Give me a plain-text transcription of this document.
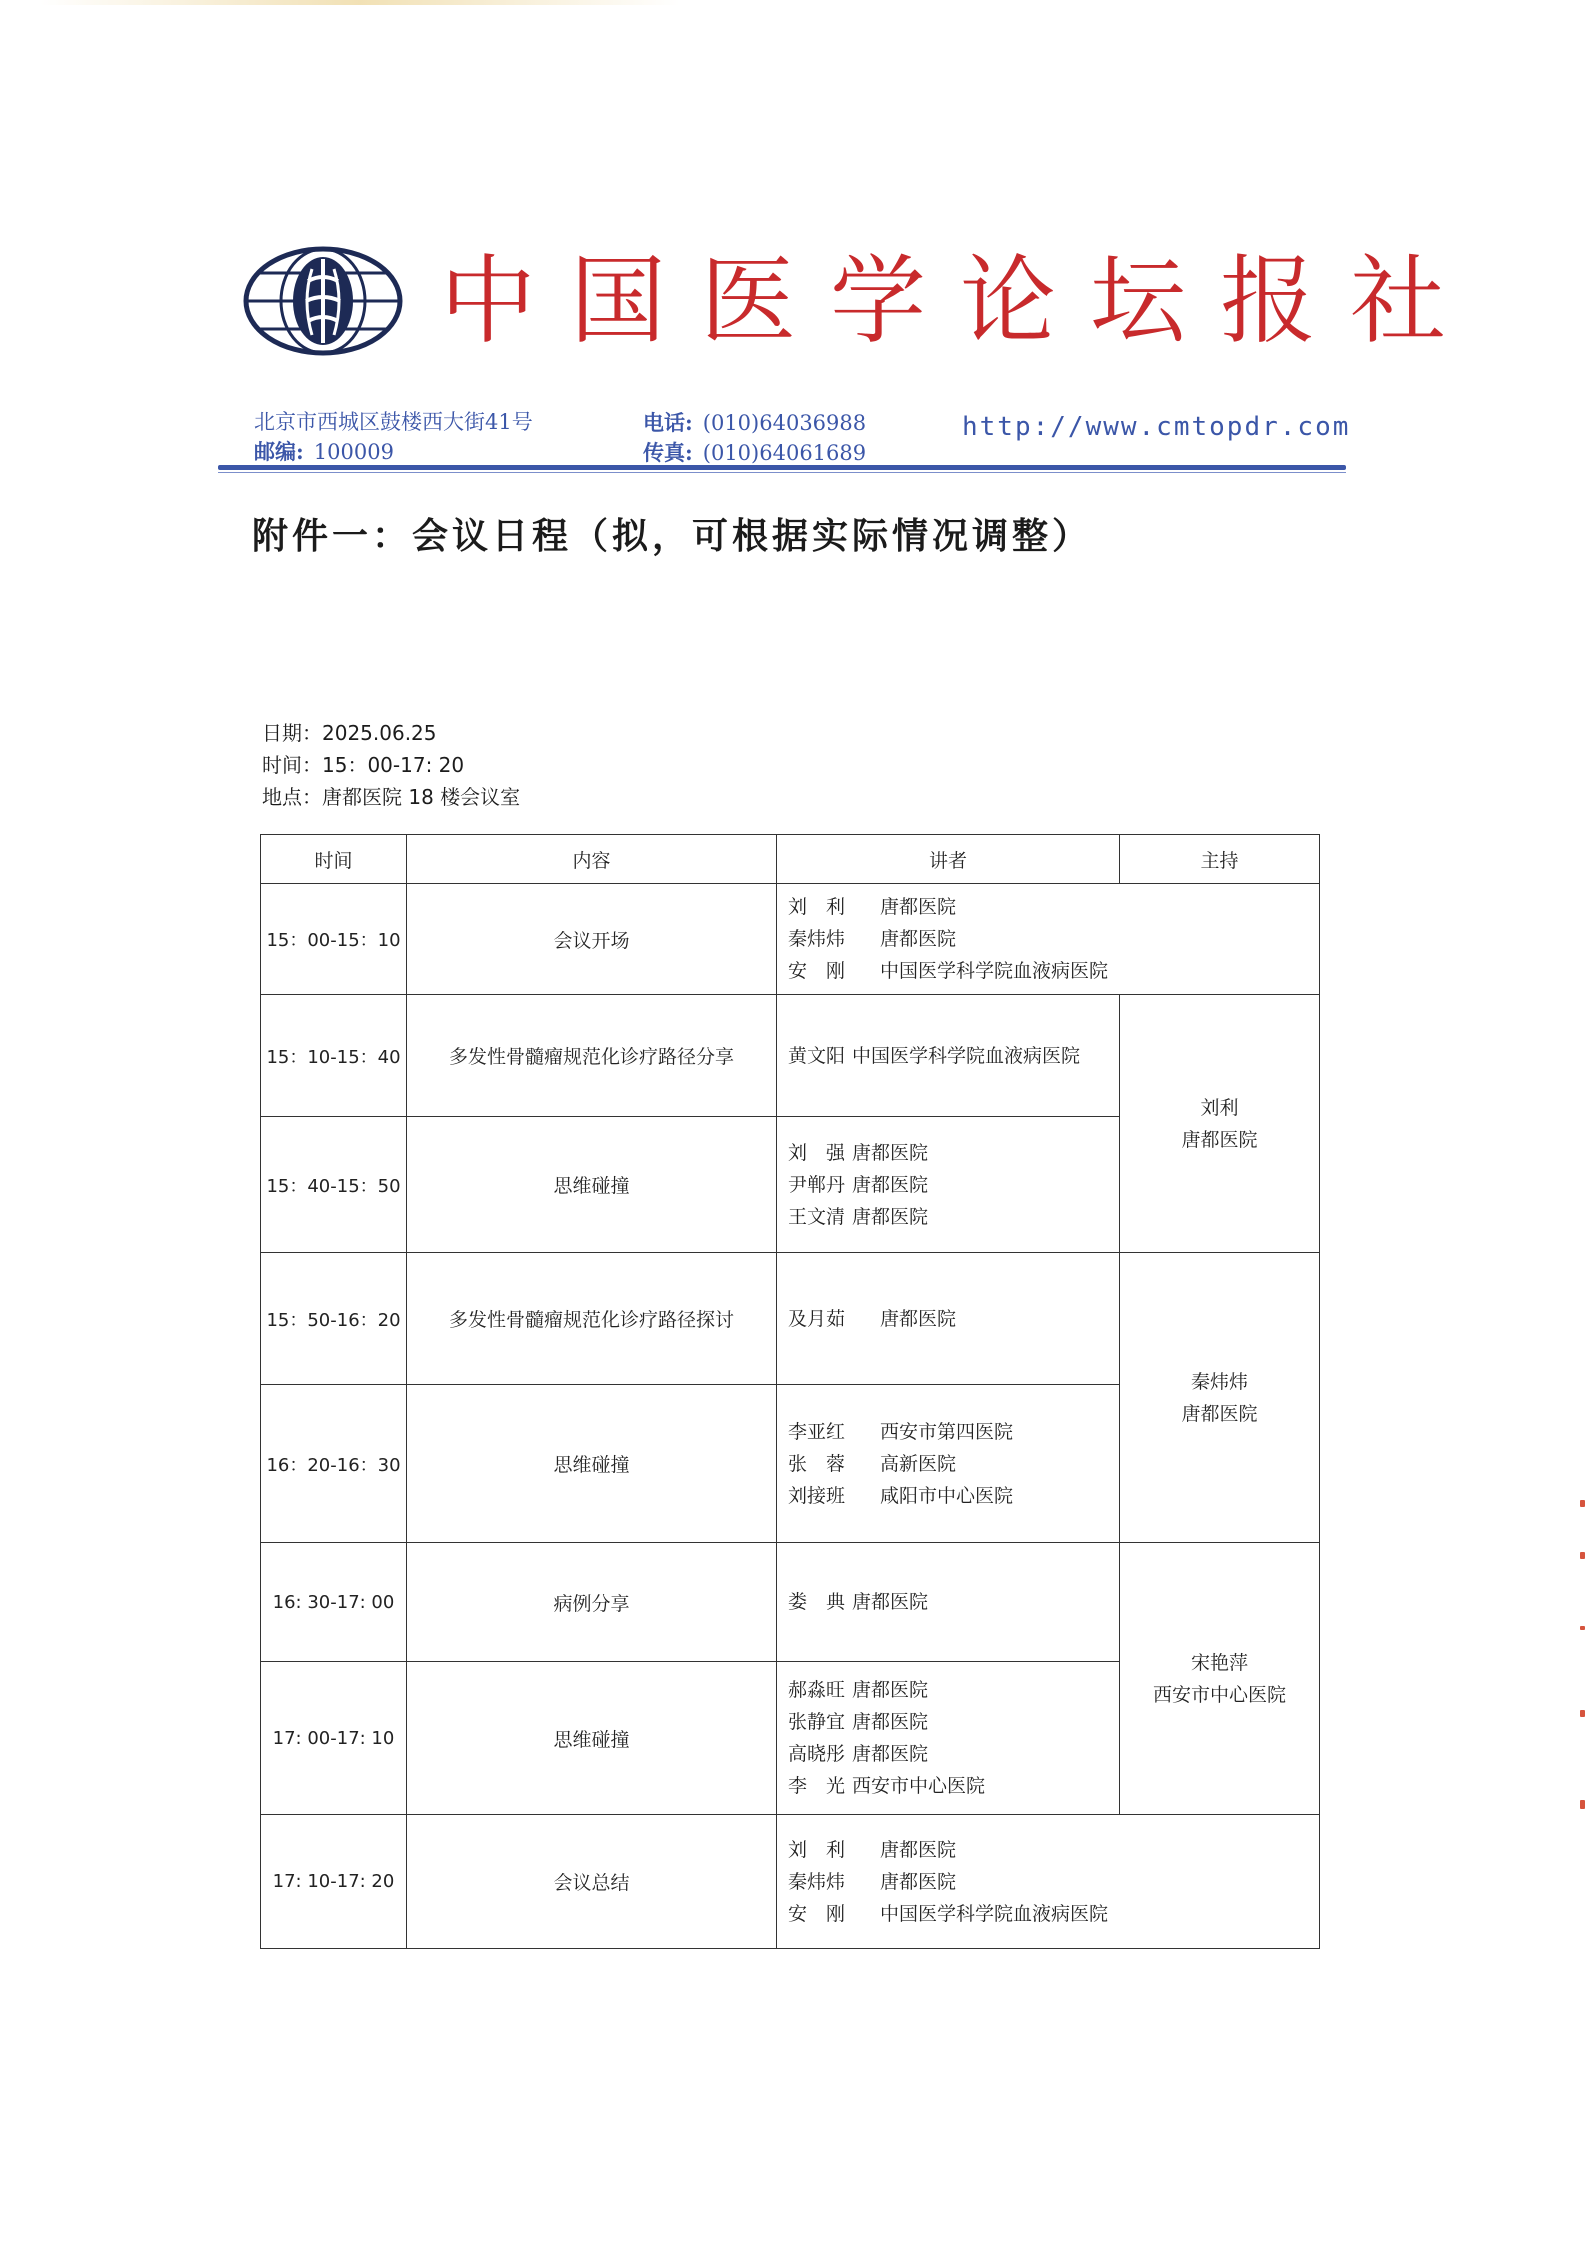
中国医学论坛报社
北京市西城区鼓楼西大街41号
邮编: 100009
电话: (010)64036988
传真: (010)64061689
http://www.cmtopdr.com
附件一：会议日程（拟，可根据实际情况调整）
日期：2025.06.25
时间：15：00-17: 20
地点：唐都医院 18 楼会议室
时间	内容	讲者	主持
15：00-15：10	会议开场	刘　利 唐都医院
秦炜炜 唐都医院
安　刚 中国医学科学院血液病医院	

15：10-15：40	多发性骨髓瘤规范化诊疗路径分享	黄文阳 中国医学科学院血液病医院	刘利
唐都医院

15：40-15：50	思维碰撞	刘　强 唐都医院
尹郸丹 唐都医院
王文清 唐都医院	

15：50-16：20	多发性骨髓瘤规范化诊疗路径探讨	及月茹 唐都医院	秦炜炜
唐都医院

16：20-16：30	思维碰撞	李亚红 西安市第四医院
张　蓉 高新医院
刘接班 咸阳市中心医院	

16: 30-17: 00	病例分享	娄　典 唐都医院	宋艳萍
西安市中心医院

17: 00-17: 10	思维碰撞	郝淼旺 唐都医院
张静宜 唐都医院
高晓彤 唐都医院
李　光 西安市中心医院	

17: 10-17: 20	会议总结	刘　利 唐都医院
秦炜炜 唐都医院
安　刚 中国医学科学院血液病医院	
